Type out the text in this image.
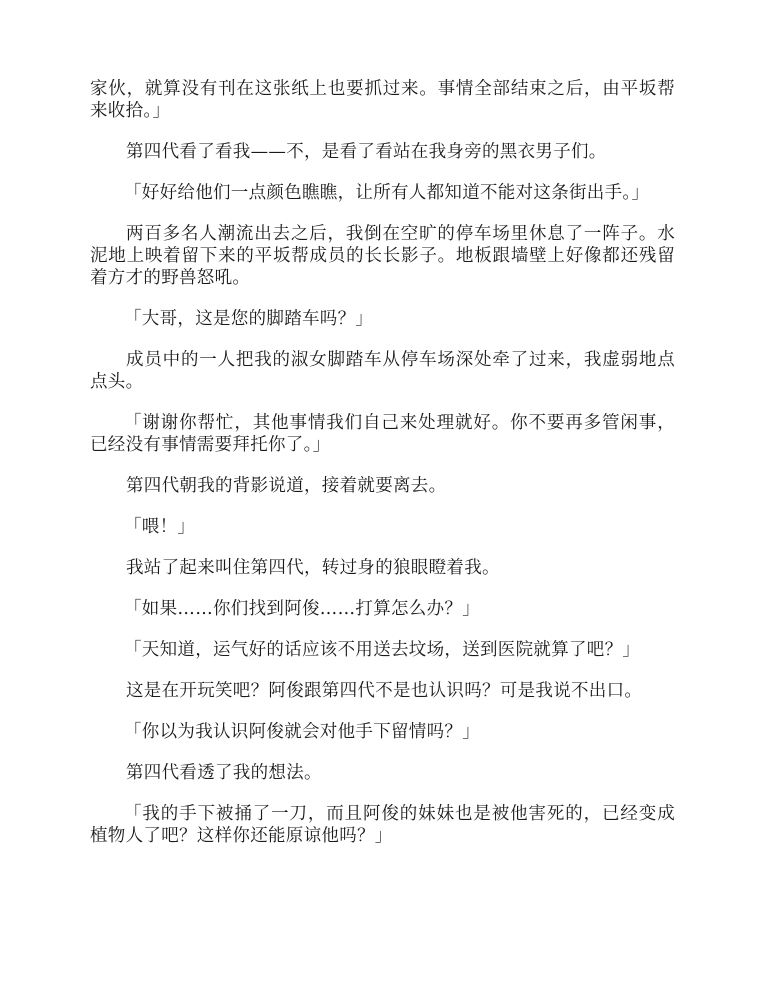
家伙，就算没有刊在这张纸上也要抓过来。事情全部结束之后，由平坂帮来收拾。」

第四代看了看我——不，是看了看站在我身旁的黑衣男子们。

「好好给他们一点颜色瞧瞧，让所有人都知道不能对这条街出手。」

两百多名人潮流出去之后，我倒在空旷的停车场里休息了一阵子。水泥地上映着留下来的平坂帮成员的长长影子。地板跟墙壁上好像都还残留着方才的野兽怒吼。

「大哥，这是您的脚踏车吗？」

成员中的一人把我的淑女脚踏车从停车场深处牵了过来，我虚弱地点点头。

「谢谢你帮忙，其他事情我们自己来处理就好。你不要再多管闲事，已经没有事情需要拜托你了。」

第四代朝我的背影说道，接着就要离去。

「喂！」

我站了起来叫住第四代，转过身的狼眼瞪着我。

「如果……你们找到阿俊……打算怎么办？」

「天知道，运气好的话应该不用送去坟场，送到医院就算了吧？」

这是在开玩笑吧？阿俊跟第四代不是也认识吗？可是我说不出口。

「你以为我认识阿俊就会对他手下留情吗？」

第四代看透了我的想法。

「我的手下被捅了一刀，而且阿俊的妹妹也是被他害死的，已经变成植物人了吧？这样你还能原谅他吗？」
